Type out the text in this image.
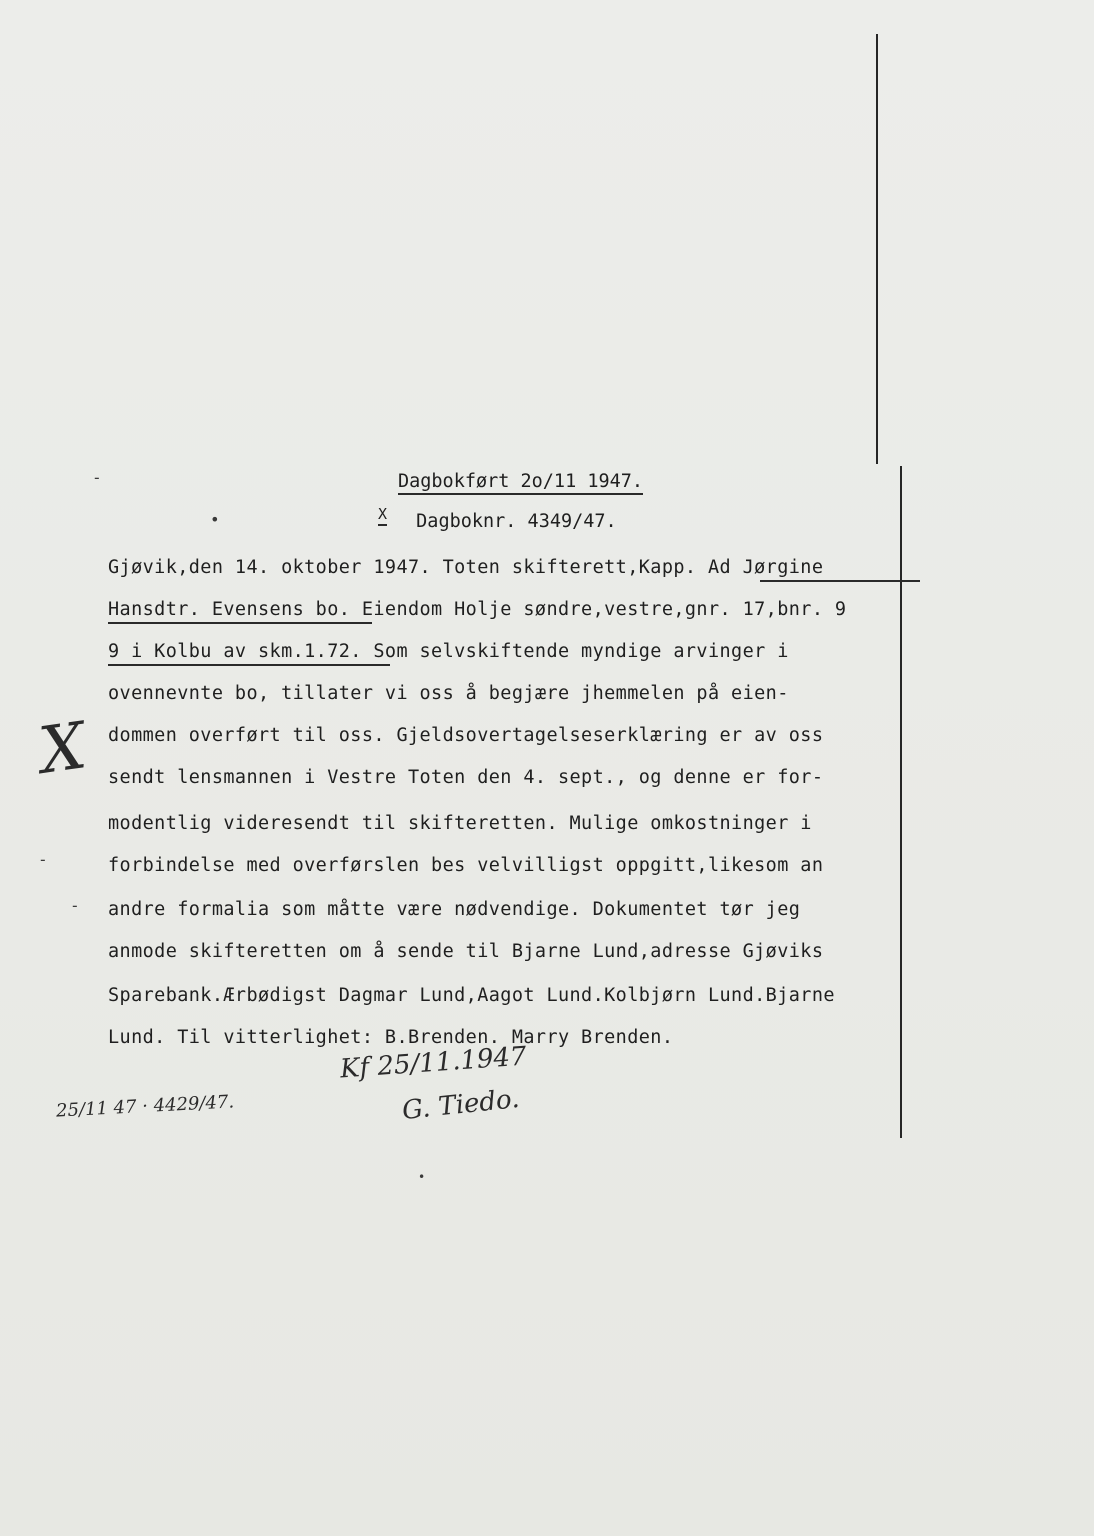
-
•
-
-
•
Dagbokført 2o/11 1947.
$^X$ Dagboknr. 4349/47.
Gjøvik,den 14. oktober 1947. Toten skifterett,Kapp. Ad Jørgine
Hansdtr. Evensens bo. Eiendom Holje søndre,vestre,gnr. 17,bnr. 9
9 i Kolbu av skm.1.72. Som selvskiftende myndige arvinger i
ovennevnte bo, tillater vi oss å begjære jhemmelen på eien-
dommen overført til oss. Gjeldsovertagelseserklæring er av oss
sendt lensmannen i Vestre Toten den 4. sept., og denne er for-
modentlig videresendt til skifteretten. Mulige omkostninger i
forbindelse med overførslen bes velvilligst oppgitt,likesom an
andre formalia som måtte være nødvendige. Dokumentet tør jeg
anmode skifteretten om å sende til Bjarne Lund,adresse Gjøviks
Sparebank.Ærbødigst Dagmar Lund,Aagot Lund.Kolbjørn Lund.Bjarne
Lund. Til vitterlighet: B.Brenden. Marry Brenden.
X
Kf 25/11.1947
25/11 47 · 4429/47.	G. Tiedo.
